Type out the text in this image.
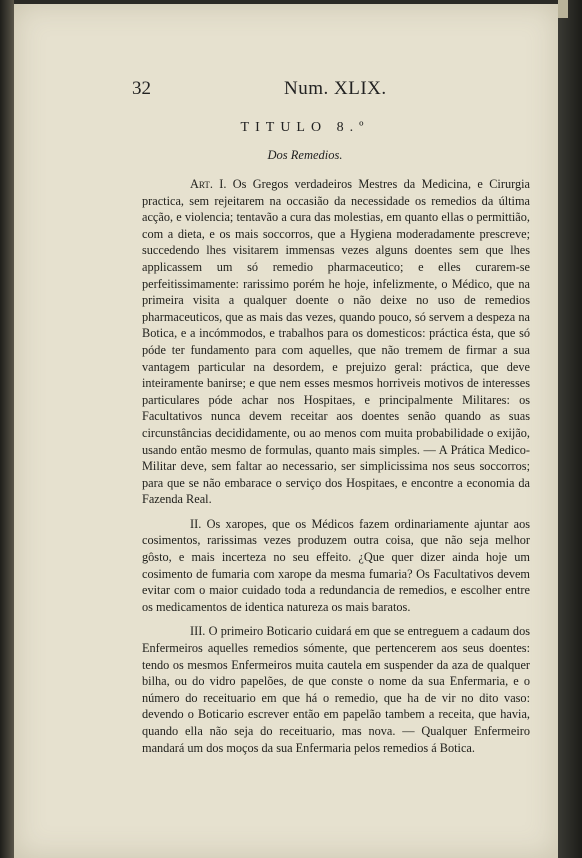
32	Num. XLIX.
TITULO 8.º
Dos Remedios.

Art. I. Os Gregos verdadeiros Mestres da Medicina, e Cirurgia practica, sem rejeitarem na occasião da necessidade os remedios da última acção, e violencia; tentavão a cura das molestias, em quanto ellas o permittião, com a dieta, e os mais soccorros, que a Hygiena moderadamente prescreve; succedendo lhes visitarem immensas vezes alguns doentes sem que lhes applicassem um só remedio pharmaceutico; e elles curarem-se perfeitissimamente: rarissimo porém he hoje, infelizmente, o Médico, que na primeira visita a qualquer doente o não deixe no uso de remedios pharmaceuticos, que as mais das vezes, quando pouco, só servem a despeza na Botica, e a incómmodos, e trabalhos para os domesticos: práctica ésta, que só póde ter fundamento para com aquelles, que não tremem de firmar a sua vantagem particular na desordem, e prejuizo geral: práctica, que deve inteiramente banirse; e que nem esses mesmos horriveis motivos de interesses particulares póde achar nos Hospitaes, e principalmente Militares: os Facultativos nunca devem receitar aos doentes senão quando as suas circunstâncias decididamente, ou ao menos com muita probabilidade o exijão, usando então mesmo de formulas, quanto mais simples. — A Prática Medico-Militar deve, sem faltar ao necessario, ser simplicissima nos seus soccorros; para que se não embarace o serviço dos Hospitaes, e encontre a economia da Fazenda Real.

II. Os xaropes, que os Médicos fazem ordinariamente ajuntar aos cosimentos, rarissimas vezes produzem outra coisa, que não seja melhor gôsto, e mais incerteza no seu effeito. ¿Que quer dizer ainda hoje um cosimento de fumaria com xarope da mesma fumaria? Os Facultativos devem evitar com o maior cuidado toda a redundancia de remedios, e escolher entre os medicamentos de identica natureza os mais baratos.

III. O primeiro Boticario cuidará em que se entreguem a cadaum dos Enfermeiros aquelles remedios sómente, que pertencerem aos seus doentes: tendo os mesmos Enfermeiros muita cautela em suspender da aza de qualquer bilha, ou do vidro papelões, de que conste o nome da sua Enfermaria, e o número do receituario em que há o remedio, que ha de vir no dito vaso: devendo o Boticario escrever então em papelão tambem a receita, que havia, quando ella não seja do receituario, mas nova. — Qualquer Enfermeiro mandará um dos moços da sua Enfermaria pelos remedios á Botica.
